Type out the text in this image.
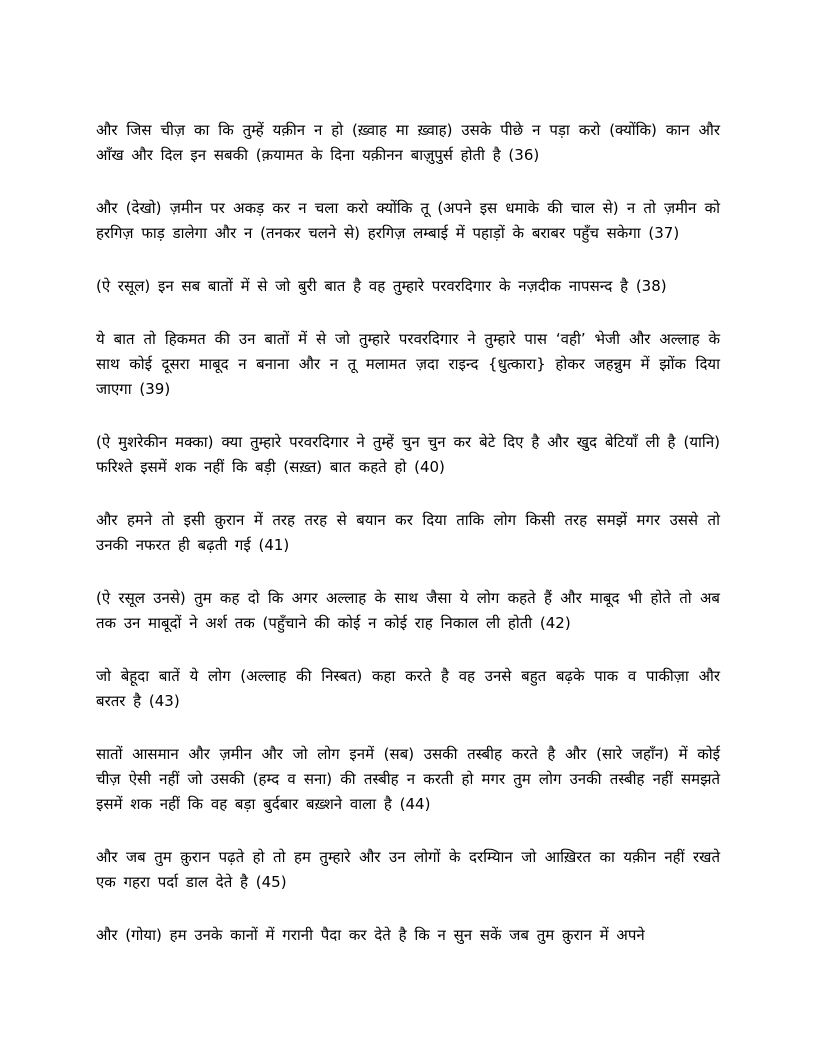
और जिस चीज़ का कि तुम्हें यक़ीन न हो (ख़्वाह मा ख़्वाह) उसके पीछे न पड़ा करो (क्योंकि) कान और आँख और दिल इन सबकी (क़यामत के दिना यक़ीनन बाज़ुपुर्स होती है (36)

और (देखो) ज़मीन पर अकड़ कर न चला करो क्योंकि तू (अपने इस धमाके की चाल से) न तो ज़मीन को हरगिज़ फाड़ डालेगा और न (तनकर चलने से) हरगिज़ लम्बाई में पहाड़ों के बराबर पहुँच सकेगा (37)

(ऐ रसूल) इन सब बातों में से जो बुरी बात है वह तुम्हारे परवरदिगार के नज़दीक नापसन्द है (38)

ये बात तो हिकमत की उन बातों में से जो तुम्हारे परवरदिगार ने तुम्हारे पास ‘वही’ भेजी और अल्लाह के साथ कोई दूसरा माबूद न बनाना और न तू मलामत ज़दा राइन्द {धुत्कारा} होकर जहन्नुम में झोंक दिया जाएगा (39)

(ऐ मुशरेकीन मक्का) क्या तुम्हारे परवरदिगार ने तुम्हें चुन चुन कर बेटे दिए है और खुद बेटियाँ ली है (यानि) फरिश्ते इसमें शक नहीं कि बड़ी (सख़्त) बात कहते हो (40)

और हमने तो इसी क़ुरान में तरह तरह से बयान कर दिया ताकि लोग किसी तरह समझें मगर उससे तो उनकी नफरत ही बढ़ती गई (41)

(ऐ रसूल उनसे) तुम कह दो कि अगर अल्लाह के साथ जैसा ये लोग कहते हैं और माबूद भी होते तो अब तक उन माबूदों ने अर्श तक (पहुँचाने की कोई न कोई राह निकाल ली होती (42)

जो बेहूदा बातें ये लोग (अल्लाह की निस्बत) कहा करते है वह उनसे बहुत बढ़के पाक व पाकीज़ा और बरतर है (43)

सातों आसमान और ज़मीन और जो लोग इनमें (सब) उसकी तस्बीह करते है और (सारे जहाँन) में कोई चीज़ ऐसी नहीं जो उसकी (हम्द व सना) की तस्बीह न करती हो मगर तुम लोग उनकी तस्बीह नहीं समझते इसमें शक नहीं कि वह बड़ा बुर्दबार बख़्शने वाला है (44)

और जब तुम क़ुरान पढ़ते हो तो हम तुम्हारे और उन लोगों के दरम्यिान जो आख़िरत का यक़ीन नहीं रखते एक गहरा पर्दा डाल देते है (45)

और (गोया) हम उनके कानों में गरानी पैदा कर देते है कि न सुन सकें जब तुम क़ुरान में अपने
